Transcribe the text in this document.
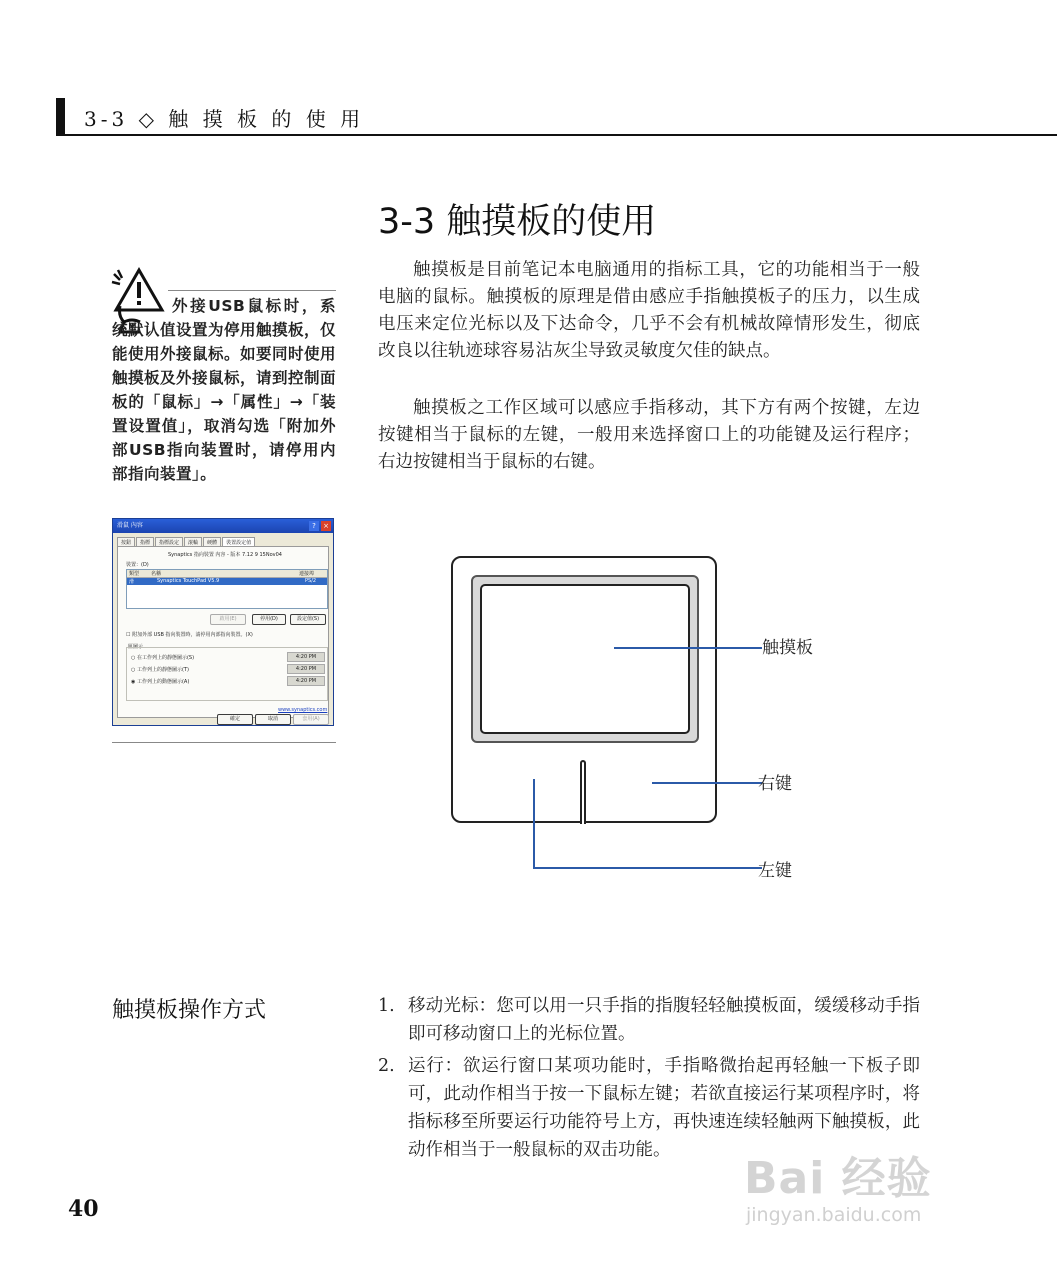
3-3 ◇ 触 摸 板 的 使 用
3-3 触摸板的使用
触摸板是目前笔记本电脑通用的指标工具，它的功能相当于一般电脑的鼠标。触摸板的原理是借由感应手指触摸板子的压力，以生成电压来定位光标以及下达命令，几乎不会有机械故障情形发生，彻底改良以往轨迹球容易沾灰尘导致灵敏度欠佳的缺点。
触摸板之工作区域可以感应手指移动，其下方有两个按键，左边按键相当于鼠标的左键，一般用来选择窗口上的功能键及运行程序；右边按键相当于鼠标的右键。
外接USB鼠标时，系统默认值设置为停用触摸板，仅能使用外接鼠标。如要同时使用触摸板及外接鼠标，请到控制面板的「鼠标」→「属性」→「装置设置值」，取消勾选「附加外部USB指向装置时，请停用内部指向装置」。
滑鼠 內容	?	×
按鈕	指標	指標設定	滾輪	硬體	裝置設定值
Synaptics 指向裝置 內容 - 版本 7.12 9 15Nov04
裝置：(D)
類型	名稱	連接埠
滑	Synaptics TouchPad V5.9	PS/2
啟用(E)	停用(D)	設定值(S)
☐ 附加外部 USB 指向裝置時，請停用內部指向裝置。(X)
匣圖示
○ 在工作列上的靜態圖示(S)
○ 工作列上的靜態圖示(T)
◉ 工作列上的動態圖示(A)
4:20 PM
4:20 PM
4:20 PM
www.synaptics.com
確定	取消	套用(A)
触摸板
右键
左键
触摸板操作方式	1. 移动光标：您可以用一只手指的指腹轻轻触摸板面，缓缓移动手指即可移动窗口上的光标位置。
2. 运行：欲运行窗口某项功能时，手指略微抬起再轻触一下板子即可，此动作相当于按一下鼠标左键；若欲直接运行某项程序时，将指标移至所要运行功能符号上方，再快速连续轻触两下触摸板，此动作相当于一般鼠标的双击功能。
40
Bai 经验
jingyan.baidu.com
